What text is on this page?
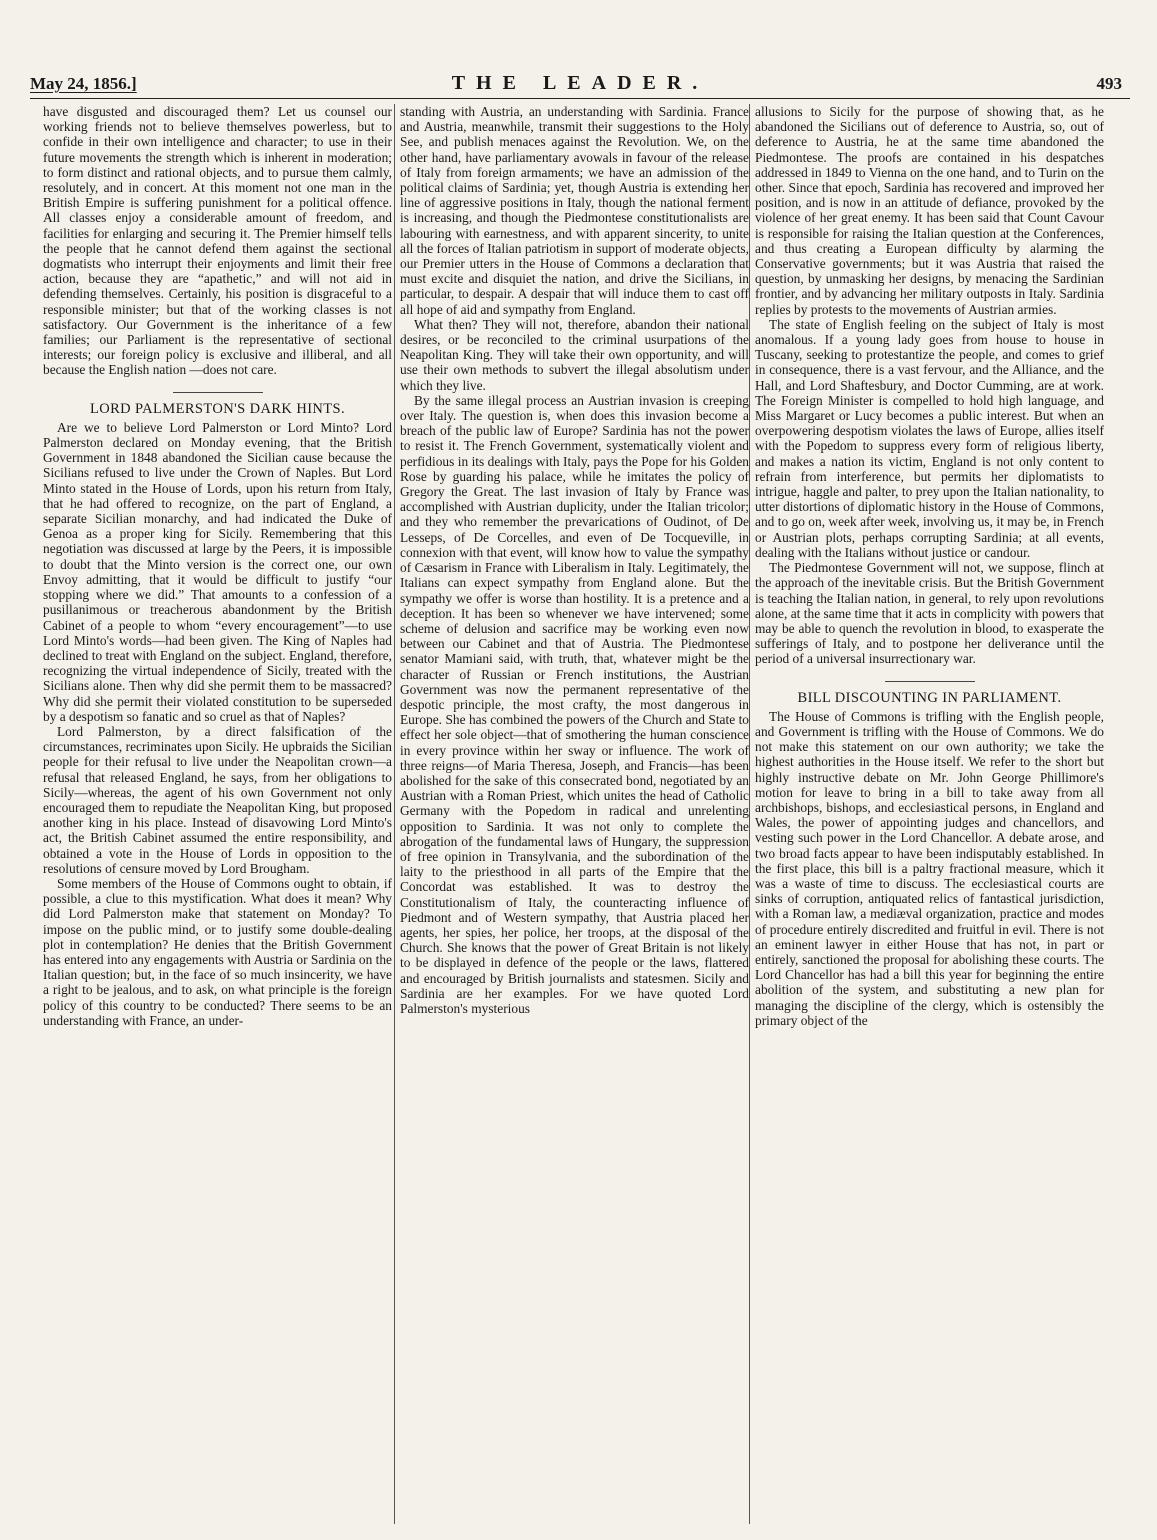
May 24, 1856.]	THE LEADER.	493

have disgusted and discouraged them? Let us counsel our working friends not to believe themselves powerless, but to confide in their own intelligence and character; to use in their future movements the strength which is inherent in moderation; to form distinct and rational objects, and to pursue them calmly, resolutely, and in concert. At this moment not one man in the British Empire is suffering punishment for a political offence. All classes enjoy a considerable amount of freedom, and facilities for enlarging and securing it. The Premier himself tells the people that he cannot defend them against the sectional dogmatists who interrupt their enjoyments and limit their free action, because they are “apathetic,” and will not aid in defending themselves. Certainly, his position is disgraceful to a responsible minister; but that of the working classes is not satisfactory. Our Government is the inheritance of a few families; our Parliament is the representative of sectional interests; our foreign policy is exclusive and illiberal, and all because the English nation —does not care.

LORD PALMERSTON'S DARK HINTS.

Are we to believe Lord Palmerston or Lord Minto? Lord Palmerston declared on Monday evening, that the British Government in 1848 abandoned the Sicilian cause because the Sicilians refused to live under the Crown of Naples. But Lord Minto stated in the House of Lords, upon his return from Italy, that he had offered to recognize, on the part of England, a separate Sicilian monarchy, and had indicated the Duke of Genoa as a proper king for Sicily. Remembering that this negotiation was discussed at large by the Peers, it is impossible to doubt that the Minto version is the correct one, our own Envoy admitting, that it would be difficult to justify “our stopping where we did.” That amounts to a confession of a pusillanimous or treacherous abandonment by the British Cabinet of a people to whom “every encouragement”—to use Lord Minto's words—had been given. The King of Naples had declined to treat with England on the subject. England, therefore, recognizing the virtual independence of Sicily, treated with the Sicilians alone. Then why did she permit them to be massacred? Why did she permit their violated constitution to be superseded by a despotism so fanatic and so cruel as that of Naples?

Lord Palmerston, by a direct falsification of the circumstances, recriminates upon Sicily. He upbraids the Sicilian people for their refusal to live under the Neapolitan crown—a refusal that released England, he says, from her obligations to Sicily—whereas, the agent of his own Government not only encouraged them to repudiate the Neapolitan King, but proposed another king in his place. Instead of disavowing Lord Minto's act, the British Cabinet assumed the entire responsibility, and obtained a vote in the House of Lords in opposition to the resolutions of censure moved by Lord Brougham.

Some members of the House of Commons ought to obtain, if possible, a clue to this mystification. What does it mean? Why did Lord Palmerston make that statement on Monday? To impose on the public mind, or to justify some double-dealing plot in contemplation? He denies that the British Government has entered into any engagements with Austria or Sardinia on the Italian question; but, in the face of so much insincerity, we have a right to be jealous, and to ask, on what principle is the foreign policy of this country to be conducted? There seems to be an understanding with France, an under-

standing with Austria, an understanding with Sardinia. France and Austria, meanwhile, transmit their suggestions to the Holy See, and publish menaces against the Revolution. We, on the other hand, have parliamentary avowals in favour of the release of Italy from foreign armaments; we have an admission of the political claims of Sardinia; yet, though Austria is extending her line of aggressive positions in Italy, though the national ferment is increasing, and though the Piedmontese constitutionalists are labouring with earnestness, and with apparent sincerity, to unite all the forces of Italian patriotism in support of moderate objects, our Premier utters in the House of Commons a declaration that must excite and disquiet the nation, and drive the Sicilians, in particular, to despair. A despair that will induce them to cast off all hope of aid and sympathy from England.

What then? They will not, therefore, abandon their national desires, or be reconciled to the criminal usurpations of the Neapolitan King. They will take their own opportunity, and will use their own methods to subvert the illegal absolutism under which they live.

By the same illegal process an Austrian invasion is creeping over Italy. The question is, when does this invasion become a breach of the public law of Europe? Sardinia has not the power to resist it. The French Government, systematically violent and perfidious in its dealings with Italy, pays the Pope for his Golden Rose by guarding his palace, while he imitates the policy of Gregory the Great. The last invasion of Italy by France was accomplished with Austrian duplicity, under the Italian tricolor; and they who remember the prevarications of Oudinot, of De Lesseps, of De Corcelles, and even of De Tocqueville, in connexion with that event, will know how to value the sympathy of Cæsarism in France with Liberalism in Italy. Legitimately, the Italians can expect sympathy from England alone. But the sympathy we offer is worse than hostility. It is a pretence and a deception. It has been so whenever we have intervened; some scheme of delusion and sacrifice may be working even now between our Cabinet and that of Austria. The Piedmontese senator Mamiani said, with truth, that, whatever might be the character of Russian or French institutions, the Austrian Government was now the permanent representative of the despotic principle, the most crafty, the most dangerous in Europe. She has combined the powers of the Church and State to effect her sole object—that of smothering the human conscience in every province within her sway or influence. The work of three reigns—of Maria Theresa, Joseph, and Francis—has been abolished for the sake of this consecrated bond, negotiated by an Austrian with a Roman Priest, which unites the head of Catholic Germany with the Popedom in radical and unrelenting opposition to Sardinia. It was not only to complete the abrogation of the fundamental laws of Hungary, the suppression of free opinion in Transylvania, and the subordination of the laity to the priesthood in all parts of the Empire that the Concordat was established. It was to destroy the Constitutionalism of Italy, the counteracting influence of Piedmont and of Western sympathy, that Austria placed her agents, her spies, her police, her troops, at the disposal of the Church. She knows that the power of Great Britain is not likely to be displayed in defence of the people or the laws, flattered and encouraged by British journalists and statesmen. Sicily and Sardinia are her examples. For we have quoted Lord Palmerston's mysterious

allusions to Sicily for the purpose of showing that, as he abandoned the Sicilians out of deference to Austria, so, out of deference to Austria, he at the same time abandoned the Piedmontese. The proofs are contained in his despatches addressed in 1849 to Vienna on the one hand, and to Turin on the other. Since that epoch, Sardinia has recovered and improved her position, and is now in an attitude of defiance, provoked by the violence of her great enemy. It has been said that Count Cavour is responsible for raising the Italian question at the Conferences, and thus creating a European difficulty by alarming the Conservative governments; but it was Austria that raised the question, by unmasking her designs, by menacing the Sardinian frontier, and by advancing her military outposts in Italy. Sardinia replies by protests to the movements of Austrian armies.

The state of English feeling on the subject of Italy is most anomalous. If a young lady goes from house to house in Tuscany, seeking to protestantize the people, and comes to grief in consequence, there is a vast fervour, and the Alliance, and the Hall, and Lord Shaftesbury, and Doctor Cumming, are at work. The Foreign Minister is compelled to hold high language, and Miss Margaret or Lucy becomes a public interest. But when an overpowering despotism violates the laws of Europe, allies itself with the Popedom to suppress every form of religious liberty, and makes a nation its victim, England is not only content to refrain from interference, but permits her diplomatists to intrigue, haggle and palter, to prey upon the Italian nationality, to utter distortions of diplomatic history in the House of Commons, and to go on, week after week, involving us, it may be, in French or Austrian plots, perhaps corrupting Sardinia; at all events, dealing with the Italians without justice or candour.

The Piedmontese Government will not, we suppose, flinch at the approach of the inevitable crisis. But the British Government is teaching the Italian nation, in general, to rely upon revolutions alone, at the same time that it acts in complicity with powers that may be able to quench the revolution in blood, to exasperate the sufferings of Italy, and to postpone her deliverance until the period of a universal insurrectionary war.

BILL DISCOUNTING IN PARLIAMENT.

The House of Commons is trifling with the English people, and Government is trifling with the House of Commons. We do not make this statement on our own authority; we take the highest authorities in the House itself. We refer to the short but highly instructive debate on Mr. John George Phillimore's motion for leave to bring in a bill to take away from all archbishops, bishops, and ecclesiastical persons, in England and Wales, the power of appointing judges and chancellors, and vesting such power in the Lord Chancellor. A debate arose, and two broad facts appear to have been indisputably established. In the first place, this bill is a paltry fractional measure, which it was a waste of time to discuss. The ecclesiastical courts are sinks of corruption, antiquated relics of fantastical jurisdiction, with a Roman law, a mediæval organization, practice and modes of procedure entirely discredited and fruitful in evil. There is not an eminent lawyer in either House that has not, in part or entirely, sanctioned the proposal for abolishing these courts. The Lord Chancellor has had a bill this year for beginning the entire abolition of the system, and substituting a new plan for managing the discipline of the clergy, which is ostensibly the primary object of the
